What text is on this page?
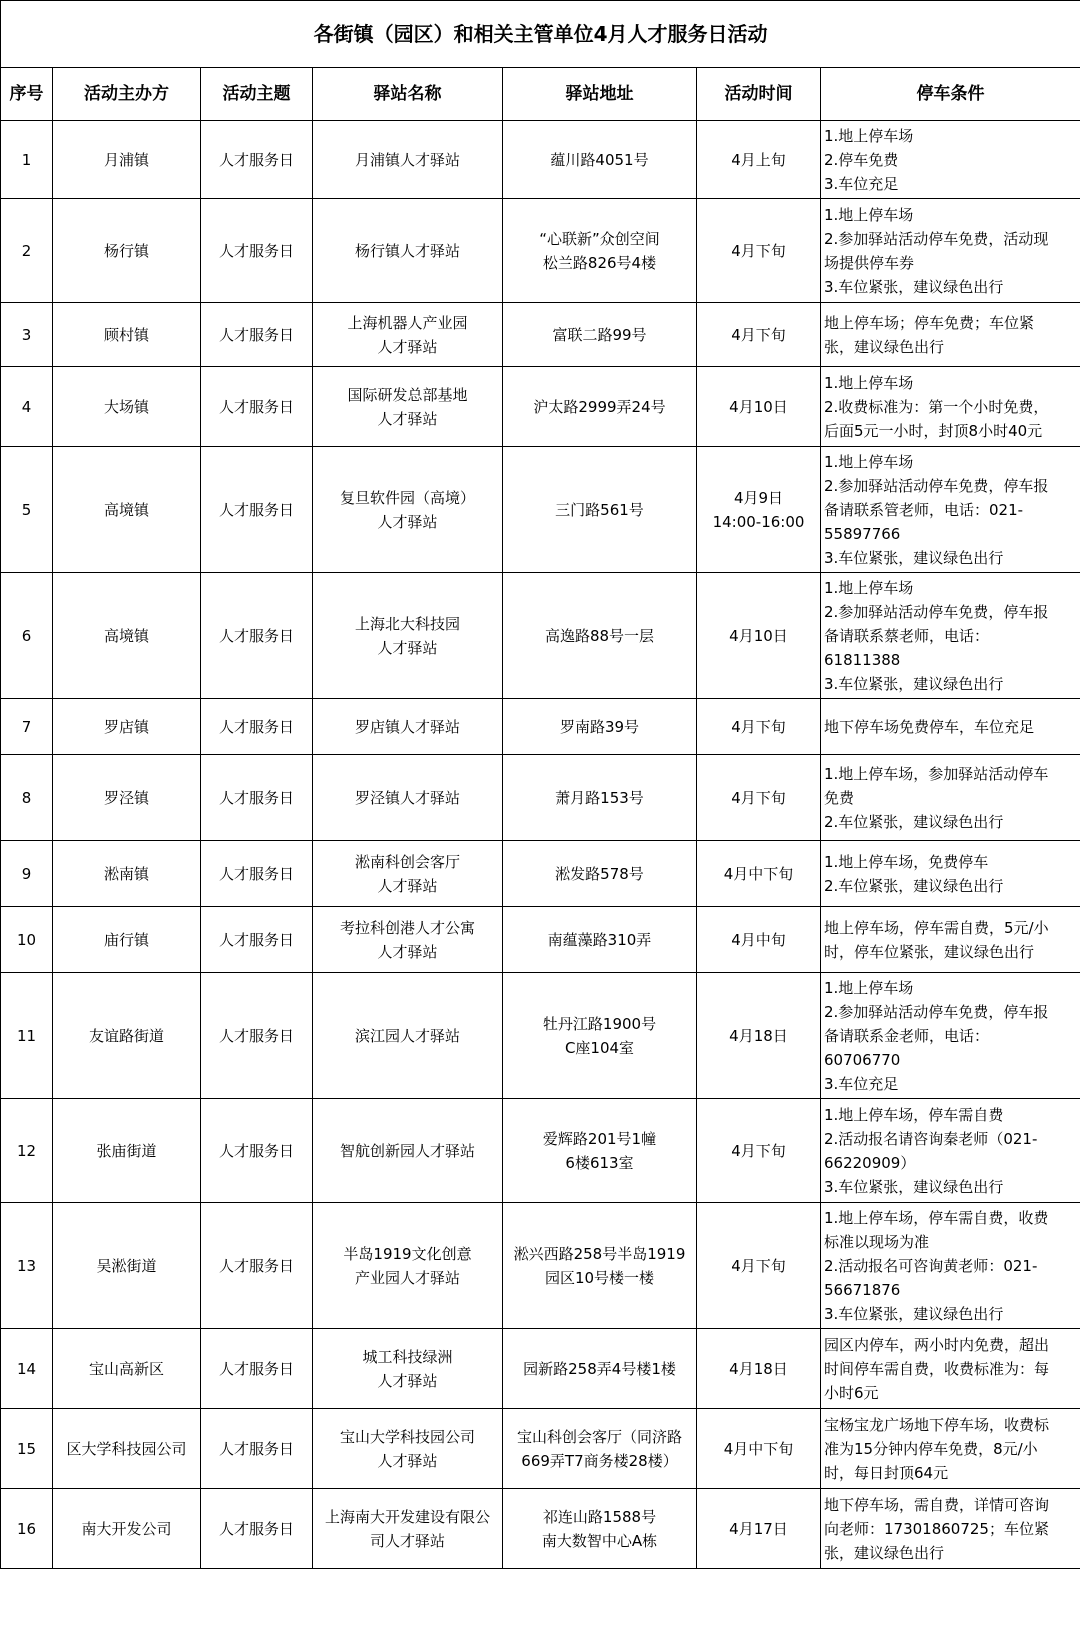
各街镇（园区）和相关主管单位4月人才服务日活动						
序号	活动主办方	活动主题	驿站名称	驿站地址	活动时间	停车条件
1	月浦镇	人才服务日	月浦镇人才驿站	蕴川路4051号	4月上旬	1.地上停车场
2.停车免费
3.车位充足

2	杨行镇	人才服务日	杨行镇人才驿站	“心联新”众创空间
松兰路826号4楼	4月下旬	1.地上停车场
2.参加驿站活动停车免费，活动现
场提供停车券
3.车位紧张，建议绿色出行

3	顾村镇	人才服务日	上海机器人产业园
人才驿站	富联二路99号	4月下旬	地上停车场；停车免费；车位紧
张，建议绿色出行

4	大场镇	人才服务日	国际研发总部基地
人才驿站	沪太路2999弄24号	4月10日	1.地上停车场
2.收费标准为：第一个小时免费，
后面5元一小时，封顶8小时40元

5	高境镇	人才服务日	复旦软件园（高境）
人才驿站	三门路561号	4月9日
14:00-16:00	1.地上停车场
2.参加驿站活动停车免费，停车报
备请联系管老师，电话：021-
55897766
3.车位紧张，建议绿色出行

6	高境镇	人才服务日	上海北大科技园
人才驿站	高逸路88号一层	4月10日	1.地上停车场
2.参加驿站活动停车免费，停车报
备请联系蔡老师，电话：
61811388
3.车位紧张，建议绿色出行

7	罗店镇	人才服务日	罗店镇人才驿站	罗南路39号	4月下旬	地下停车场免费停车，车位充足

8	罗泾镇	人才服务日	罗泾镇人才驿站	萧月路153号	4月下旬	1.地上停车场，参加驿站活动停车
免费
2.车位紧张，建议绿色出行

9	淞南镇	人才服务日	淞南科创会客厅
人才驿站	淞发路578号	4月中下旬	1.地上停车场，免费停车
2.车位紧张，建议绿色出行

10	庙行镇	人才服务日	考拉科创港人才公寓
人才驿站	南蕴藻路310弄	4月中旬	地上停车场，停车需自费，5元/小
时，停车位紧张，建议绿色出行

11	友谊路街道	人才服务日	滨江园人才驿站	牡丹江路1900号
C座104室	4月18日	1.地上停车场
2.参加驿站活动停车免费，停车报
备请联系金老师，电话：
60706770
3.车位充足

12	张庙街道	人才服务日	智航创新园人才驿站	爱辉路201号1幢
6楼613室	4月下旬	1.地上停车场，停车需自费
2.活动报名请咨询秦老师（021-
66220909）
3.车位紧张，建议绿色出行

13	吴淞街道	人才服务日	半岛1919文化创意
产业园人才驿站	淞兴西路258号半岛1919
园区10号楼一楼	4月下旬	1.地上停车场，停车需自费，收费
标准以现场为准
2.活动报名可咨询黄老师：021-
56671876
3.车位紧张，建议绿色出行

14	宝山高新区	人才服务日	城工科技绿洲
人才驿站	园新路258弄4号楼1楼	4月18日	园区内停车，两小时内免费，超出
时间停车需自费，收费标准为：每
小时6元

15	区大学科技园公司	人才服务日	宝山大学科技园公司
人才驿站	宝山科创会客厅（同济路
669弄T7商务楼28楼）	4月中下旬	宝杨宝龙广场地下停车场，收费标
准为15分钟内停车免费，8元/小
时，每日封顶64元

16	南大开发公司	人才服务日	上海南大开发建设有限公
司人才驿站	祁连山路1588号
南大数智中心A栋	4月17日	地下停车场，需自费，详情可咨询
向老师：17301860725；车位紧
张，建议绿色出行
